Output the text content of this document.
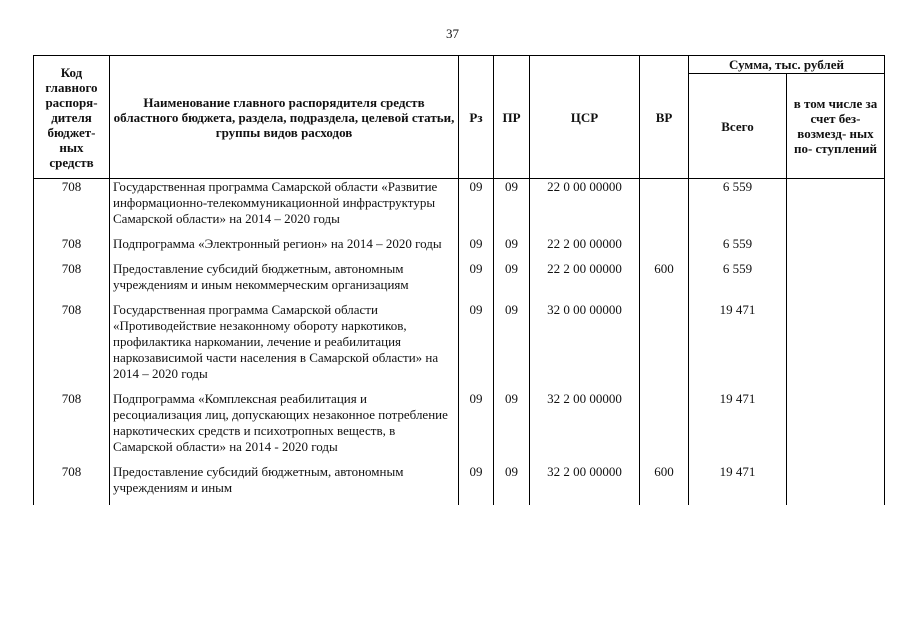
37
Код главного распоря- дителя бюджет- ных средств	Наименование главного распорядителя средств областного бюджета, раздела, подраздела, целевой статьи, группы видов расходов	Рз	ПР	ЦСР	ВР	Сумма, тыс. рублей	
						Всего	в том числе за счет без- возмезд- ных по- ступлений
708	Государственная программа Самарской области «Развитие информационно-телекоммуникационной инфраструктуры Самарской области» на 2014 – 2020 годы	09	09	22 0 00 00000		6 559	
708	Подпрограмма «Электронный регион» на 2014 – 2020 годы	09	09	22 2 00 00000		6 559	
708	Предоставление субсидий бюджетным, автономным учреждениям и иным некоммерческим организациям	09	09	22 2 00 00000	600	6 559	
708	Государственная программа Самарской области «Противодействие незаконному обороту наркотиков, профилактика наркомании, лечение и реабилитация наркозависимой части населения в Самарской области» на 2014 – 2020 годы	09	09	32 0 00 00000		19 471	
708	Подпрограмма «Комплексная реабилитация и ресоциализация лиц, допускающих незаконное потребление наркотических средств и психотропных веществ, в Самарской области» на 2014 - 2020 годы	09	09	32 2 00 00000		19 471	
708	Предоставление субсидий бюджетным, автономным учреждениям и иным	09	09	32 2 00 00000	600	19 471	
